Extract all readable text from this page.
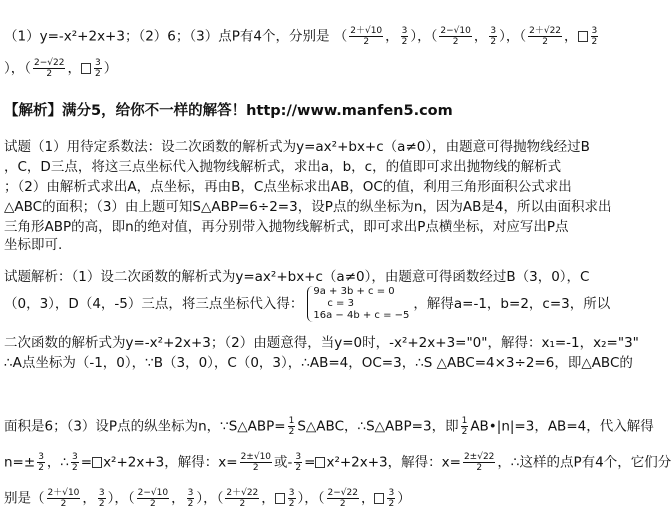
（1）y=-x²+2x+3；（2）6；（3）点P有4个，分别是 （ $\frac{2+√10}{2}$ ， $\frac{3}{2}$ ），（ $\frac{2-√10}{2}$ ， $\frac{3}{2}$ ），（ $\frac{2+√22}{2}$ ， $\frac{3}{2}$
），（ $\frac{2-√22}{2}$ ， $\frac{3}{2}$ ）
【解析】满分5，给你不一样的解答！http://www.manfen5.com
试题（1）用待定系数法：设二次函数的解析式为y=ax²+bx+c（a≠0），由题意可得抛物线经过B
，C，D三点，将这三点坐标代入抛物线解析式，求出a，b，c，的值即可求出抛物线的解析式
；（2）由解析式求出A，点坐标，再由B，C点坐标求出AB，OC的值，利用三角形面积公式求出
△ABC的面积；（3）由上题可知S△ABP=6÷2=3，设P点的纵坐标为n，因为AB是4，所以由面积求出
三角形ABP的高，即n的绝对值，再分别带入抛物线解析式，即可求出P点横坐标，对应写出P点
坐标即可.
试题解析：（1）设二次函数的解析式为y=ax²+bx+c（a≠0），由题意可得函数经过B（3，0），C
（0，3），D（4，-5）三点，将三点坐标代入得：
9a + 3b + c = 0
c = 3
16a − 4b + c = −5
，解得a=-1，b=2，c=3，所以
二次函数的解析式为y=-x²+2x+3；（2）由题意得，当y=0时，-x²+2x+3="0"，解得：x₁=-1，x₂="3"
∴A点坐标为（-1，0），∵B（3，0），C（0，3），∴AB=4，OC=3，∴S △ABC=4×3÷2=6，即△ABC的
面积是6；（3）设P点的纵坐标为n，∵S△ABP= $\frac{1}{2}$ S△ABC，∴S△ABP=3，即 $\frac{1}{2}$ AB•|n|=3，AB=4，代入解得
$n=\pm \frac{3}{2}$ ，∴ $\frac{3}{2} = x^2+2x+3$，解得：$x= \frac{2\pm√10}{2}$ 或- $\frac{3}{2} = x^2+2x+3$，解得：$x= \frac{2\pm√22}{2}$ ，∴这样的点P有4个，它们分
别是（ $\frac{2+√10}{2}$ ， $\frac{3}{2}$ ），（ $\frac{2-√10}{2}$ ， $\frac{3}{2}$ ），（ $\frac{2+√22}{2}$ ， $\frac{3}{2}$ ），（ $\frac{2-√22}{2}$ ， $\frac{3}{2}$ ）
